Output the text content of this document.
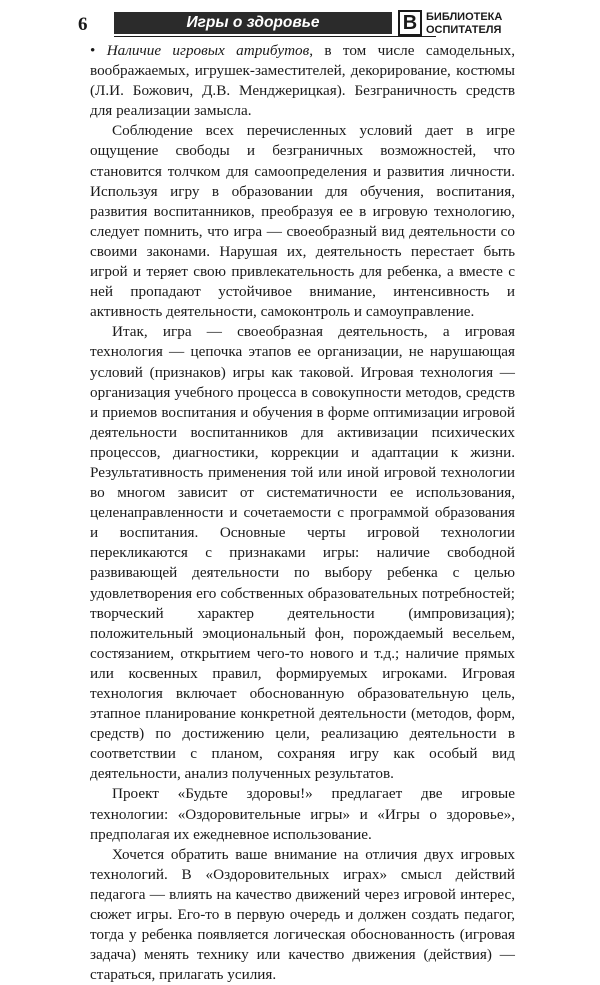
6	Игры о здоровье	В БИБЛИОТЕКА
ОСПИТАТЕЛЯ

• Наличие игровых атрибутов, в том числе самодельных, воображаемых, игрушек-заместителей, декорирование, костюмы (Л.И. Божович, Д.В. Менджерицкая). Безграничность средств для реализации замысла.

Соблюдение всех перечисленных условий дает в игре ощущение свободы и безграничных возможностей, что становится толчком для самоопределения и развития личности. Используя игру в образовании для обучения, воспитания, развития воспитанников, преобразуя ее в игровую технологию, следует помнить, что игра — своеобразный вид деятельности со своими законами. Нарушая их, деятельность перестает быть игрой и теряет свою привлекательность для ребенка, а вместе с ней пропадают устойчивое внимание, интенсивность и активность деятельности, самоконтроль и самоуправление.

Итак, игра — своеобразная деятельность, а игровая технология — цепочка этапов ее организации, не нарушающая условий (признаков) игры как таковой. Игровая технология — организация учебного процесса в совокупности методов, средств и приемов воспитания и обучения в форме оптимизации игровой деятельности воспитанников для активизации психических процессов, диагностики, коррекции и адаптации к жизни. Результативность применения той или иной игровой технологии во многом зависит от систематичности ее использования, целенаправленности и сочетаемости с программой образования и воспитания. Основные черты игровой технологии перекликаются с признаками игры: наличие свободной развивающей деятельности по выбору ребенка с целью удовлетворения его собственных образовательных потребностей; творческий характер деятельности (импровизация); положительный эмоциональный фон, порождаемый весельем, состязанием, открытием чего-то нового и т.д.; наличие прямых или косвенных правил, формируемых игроками. Игровая технология включает обоснованную образовательную цель, этапное планирование конкретной деятельности (методов, форм, средств) по достижению цели, реализацию деятельности в соответствии с планом, сохраняя игру как особый вид деятельности, анализ полученных результатов.

Проект «Будьте здоровы!» предлагает две игровые технологии: «Оздоровительные игры» и «Игры о здоровье», предполагая их ежедневное использование.

Хочется обратить ваше внимание на отличия двух игровых технологий. В «Оздоровительных играх» смысл действий педагога — влиять на качество движений через игровой интерес, сюжет игры. Его-то в первую очередь и должен создать педагог, тогда у ребенка появляется логическая обоснованность (игровая задача) менять технику или качество движения (действия) — стараться, прилагать усилия.
